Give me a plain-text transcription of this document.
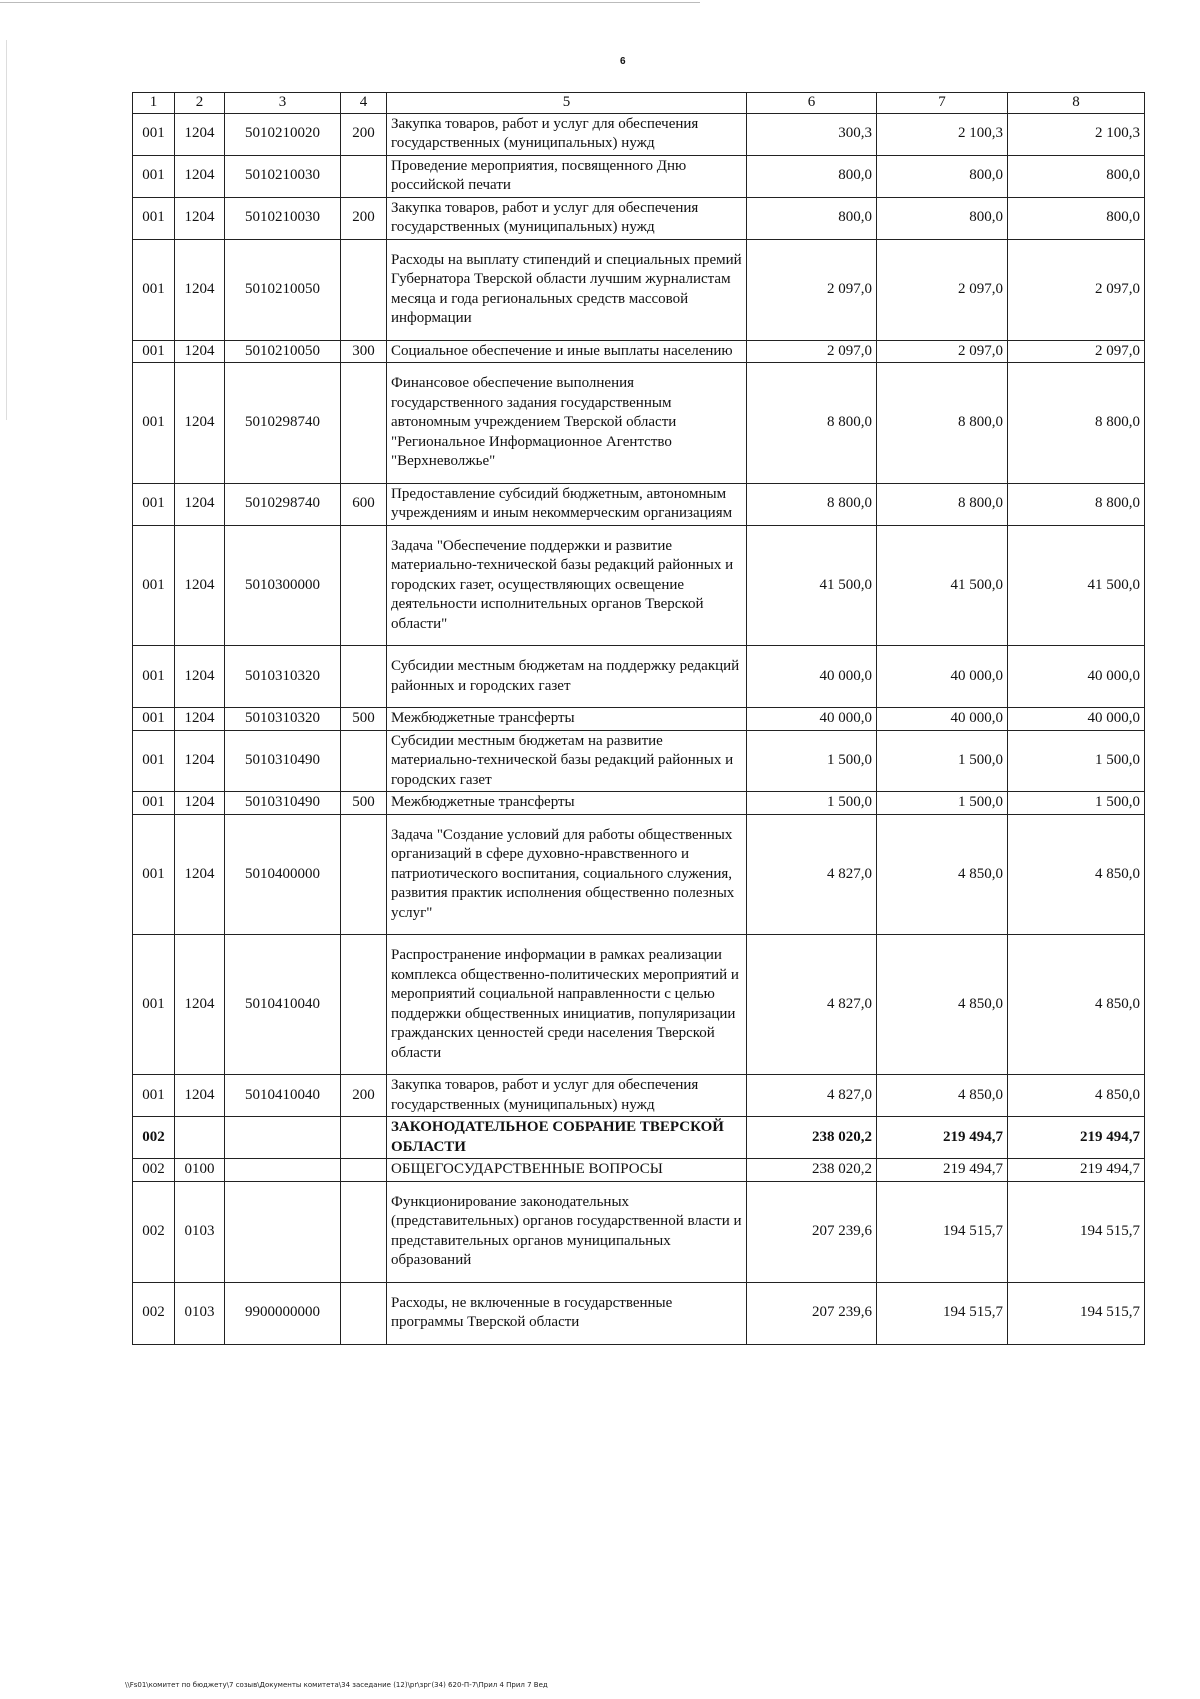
6
1	2	3	4	5	6	7	8
001	1204	5010210020	200	Закупка товаров, работ и услуг для обеспечения государственных (муниципальных) нужд	300,3	2 100,3	2 100,3
001	1204	5010210030		Проведение мероприятия, посвященного Дню российской печати	800,0	800,0	800,0
001	1204	5010210030	200	Закупка товаров, работ и услуг для обеспечения государственных (муниципальных) нужд	800,0	800,0	800,0
001	1204	5010210050		Расходы на выплату стипендий и специальных премий Губернатора Тверской области лучшим журналистам месяца и года региональных средств массовой информации	2 097,0	2 097,0	2 097,0
001	1204	5010210050	300	Социальное обеспечение и иные выплаты населению	2 097,0	2 097,0	2 097,0
001	1204	5010298740		Финансовое обеспечение выполнения государственного задания государственным автономным учреждением Тверской области "Региональное Информационное Агентство "Верхневолжье"	8 800,0	8 800,0	8 800,0
001	1204	5010298740	600	Предоставление субсидий бюджетным, автономным учреждениям и иным некоммерческим организациям	8 800,0	8 800,0	8 800,0
001	1204	5010300000		Задача "Обеспечение поддержки и развитие материально-технической базы редакций районных и городских газет, осуществляющих освещение деятельности исполнительных органов Тверской области"	41 500,0	41 500,0	41 500,0
001	1204	5010310320		Субсидии местным бюджетам на поддержку редакций районных и городских газет	40 000,0	40 000,0	40 000,0
001	1204	5010310320	500	Межбюджетные трансферты	40 000,0	40 000,0	40 000,0
001	1204	5010310490		Субсидии местным бюджетам на развитие материально-технической базы редакций районных и городских газет	1 500,0	1 500,0	1 500,0
001	1204	5010310490	500	Межбюджетные трансферты	1 500,0	1 500,0	1 500,0
001	1204	5010400000		Задача "Создание условий для работы общественных организаций в сфере духовно-нравственного и патриотического воспитания, социального служения, развития практик исполнения общественно полезных услуг"	4 827,0	4 850,0	4 850,0
001	1204	5010410040		Распространение информации в рамках реализации комплекса общественно-политических мероприятий и мероприятий социальной направленности с целью поддержки общественных инициатив, популяризации гражданских ценностей среди населения Тверской области	4 827,0	4 850,0	4 850,0
001	1204	5010410040	200	Закупка товаров, работ и услуг для обеспечения государственных (муниципальных) нужд	4 827,0	4 850,0	4 850,0
002				ЗАКОНОДАТЕЛЬНОЕ СОБРАНИЕ ТВЕРСКОЙ ОБЛАСТИ	238 020,2	219 494,7	219 494,7
002	0100			ОБЩЕГОСУДАРСТВЕННЫЕ ВОПРОСЫ	238 020,2	219 494,7	219 494,7
002	0103			Функционирование законодательных (представительных) органов государственной власти и представительных органов муниципальных образований	207 239,6	194 515,7	194 515,7
002	0103	9900000000		Расходы, не включенные в государственные программы Тверской области	207 239,6	194 515,7	194 515,7
\\Fs01\комитет по бюджету\7 созыв\Документы комитета\34 заседание (12)\pr\зрг(34) 620-П-7\Прил 4 Прил 7 Вед
